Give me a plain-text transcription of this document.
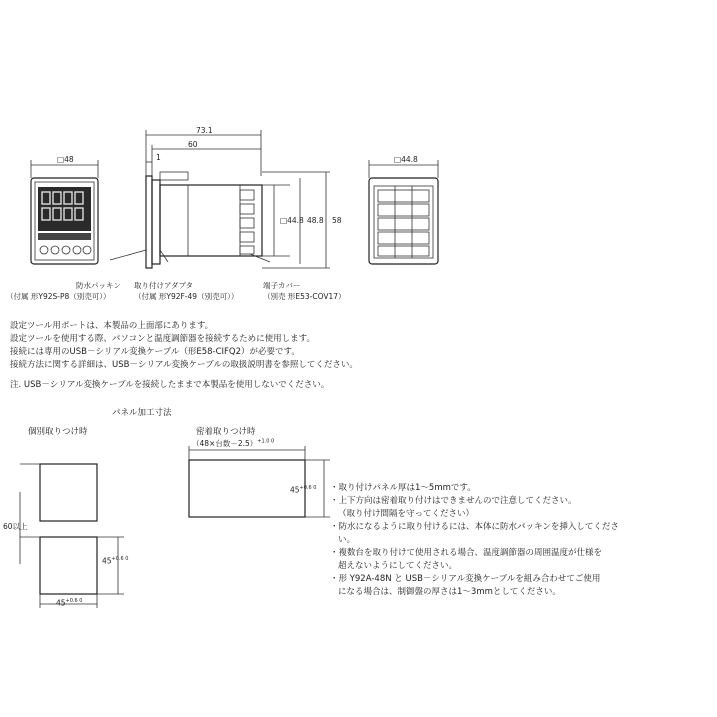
□48
73.1
60
1	□44.8
□44.8 48.8 58
防水パッキン
（付属 形Y92S-P8（別売可））
取り付けアダプタ
（付属 形Y92F-49（別売可））
端子カバー
（別売 形E53-COV17）
設定ツール用ポートは、本製品の上面部にあります。
設定ツールを使用する際、パソコンと温度調節器を接続するために使用します。
接続には専用のUSB－シリアル変換ケーブル（形E58-CIFQ2）が必要です。
接続方法に関する詳細は、USB－シリアル変換ケーブルの取扱説明書を参照してください。
注. USB－シリアル変換ケーブルを接続したままで本製品を使用しないでください。
パネル加工寸法
個別取りつけ時	密着取りつけ時
（48×台数－2.5）$^{+1.0 0}$
60以上
$45^{+0.6 0}$
$45^{+0.6 0}$
$45^{+0.6 0}$
・取り付けパネル厚は1～5mmです。
・上下方向は密着取り付けはできませんので注意してください。
（取り付け間隔を守ってください）
・防水になるように取り付けるには、本体に防水パッキンを挿入してくださ
い。
・複数台を取り付けて使用される場合、温度調節器の周囲温度が仕様を
超えないようにしてください。
・形 Y92A-48N と USB－シリアル変換ケーブルを組み合わせてご使用
になる場合は、制御盤の厚さは1～3mmとしてください。
